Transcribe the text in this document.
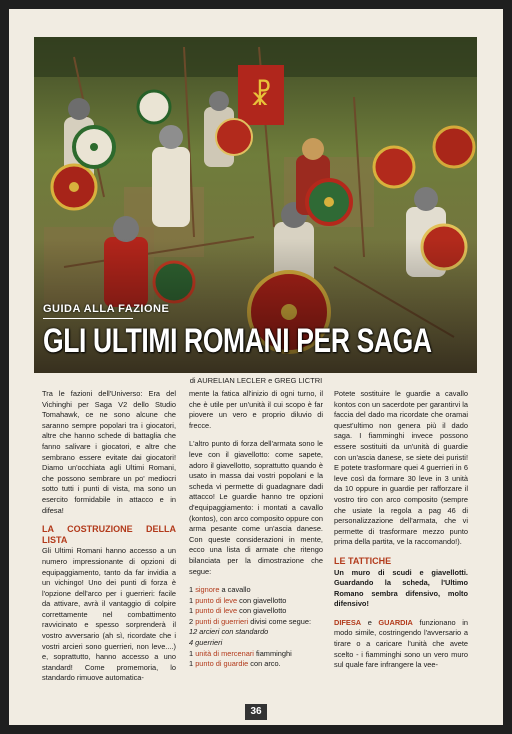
GUIDA ALLA FAZIONE
GLI ULTIMI ROMANI PER SAGA
di AURELIAN LECLER e GREG LICTRI

Tra le fazioni dell'Universo: Era del Vichinghi per Saga V2 dello Studio Tomahawk, ce ne sono alcune che saranno sempre popolari tra i giocatori, altre che hanno schede di battaglia che fanno salivare i giocatori, e altre che sembrano essere evitate dai giocatori! Diamo un'occhiata agli Ultimi Romani, che possono sembrare un po' mediocri sotto tutti i punti di vista, ma sono un esercito formidabile in attacco e in difesa!

LA COSTRUZIONE DELLA LISTA

Gli Ultimi Romani hanno accesso a un numero impressionante di opzioni di equipaggiamento, tanto da far invidia a un vichingo! Uno dei punti di forza è l'opzione dell'arco per i guerrieri: facile da attivare, avrà il vantaggio di colpire correttamente nel combattimento ravvicinato e spesso sorprenderà il vostro avversario (ah sì, ricordate che i vostri arcieri sono guerrieri, non leve....) e, soprattutto, hanno accesso a uno standard! Come promemoria, lo standardo rimuove automatica-

mente la fatica all'inizio di ogni turno, il che è utile per un'unità il cui scopo è far piovere un vero e proprio diluvio di frecce.

L'altro punto di forza dell'armata sono le leve con il giavellotto: come sapete, adoro il giavellotto, soprattutto quando è usato in massa dai vostri popolani e la scheda vi permette di guadagnare dadi attacco! Le guardie hanno tre opzioni d'equipaggiamento: i montati a cavallo (kontos), con arco composito oppure con arma pesante come un'ascia danese. Con queste considerazioni in mente, ecco una lista di armate che ritengo bilanciata per la dimostrazione che segue:

1 signore a cavallo
1 punto di leve con giavellotto
1 punto di leve con giavellotto
2 punti di guerrieri divisi come segue:
12 arcieri con standardo
4 guerrieri
1 unità di mercenari fiamminghi
1 punto di guardie con arco.

Potete sostituire le guardie a cavallo kontos con un sacerdote per garantirvi la faccia del dado ma ricordate che oramai quest'ultimo non genera più il dado saga. I fiamminghi invece possono essere sostituiti da un'unità di guardie con un'ascia danese, se siete dei puristi! E potete trasformare quei 4 guerrieri in 6 leve così da formare 30 leve in 3 unità da 10 oppure in guardie per rafforzare il vostro tiro con arco composito (sempre che usiate la regola a pag 46 di personalizzazione dell'armata, che vi permette di trasformare mezzo punto prima della partita, ve la raccomando!).

LE TATTICHE

Un muro di scudi e giavellotti. Guardando la scheda, l'Ultimo Romano sembra difensivo, molto difensivo!

DIFESA e GUARDIA funzionano in modo simile, costringendo l'avversario a tirare o a caricare l'unità che avete scelto - i fiamminghi sono un vero muro sul quale fare infrangere la vee-

36
